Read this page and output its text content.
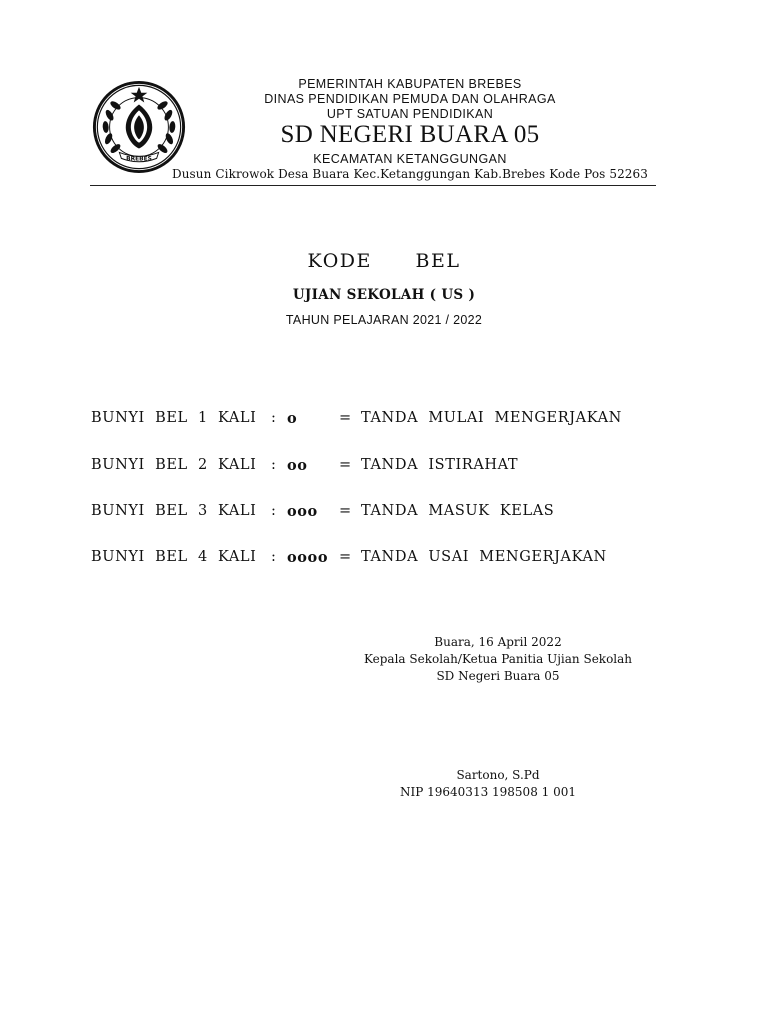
BREBES
PEMERINTAH KABUPATEN BREBES
DINAS PENDIDIKAN PEMUDA DAN OLAHRAGA
UPT SATUAN PENDIDIKAN
SD NEGERI BUARA 05
KECAMATAN KETANGGUNGAN
Dusun Cikrowok Desa Buara Kec.Ketanggungan Kab.Brebes Kode Pos 52263
KODE   BEL
UJIAN SEKOLAH ( US )
TAHUN PELAJARAN 2021 / 2022
BUNYI BEL 1 KALI : o	= TANDA MULAI MENGERJAKAN
BUNYI BEL 2 KALI : oo = TANDA ISTIRAHAT
BUNYI BEL 3 KALI : ooo = TANDA MASUK KELAS
BUNYI BEL 4 KALI : oooo = TANDA USAI MENGERJAKAN
Buara, 16 April 2022
Kepala Sekolah/Ketua Panitia Ujian Sekolah
SD Negeri Buara 05
Sartono, S.Pd
NIP 19640313 198508 1 001
